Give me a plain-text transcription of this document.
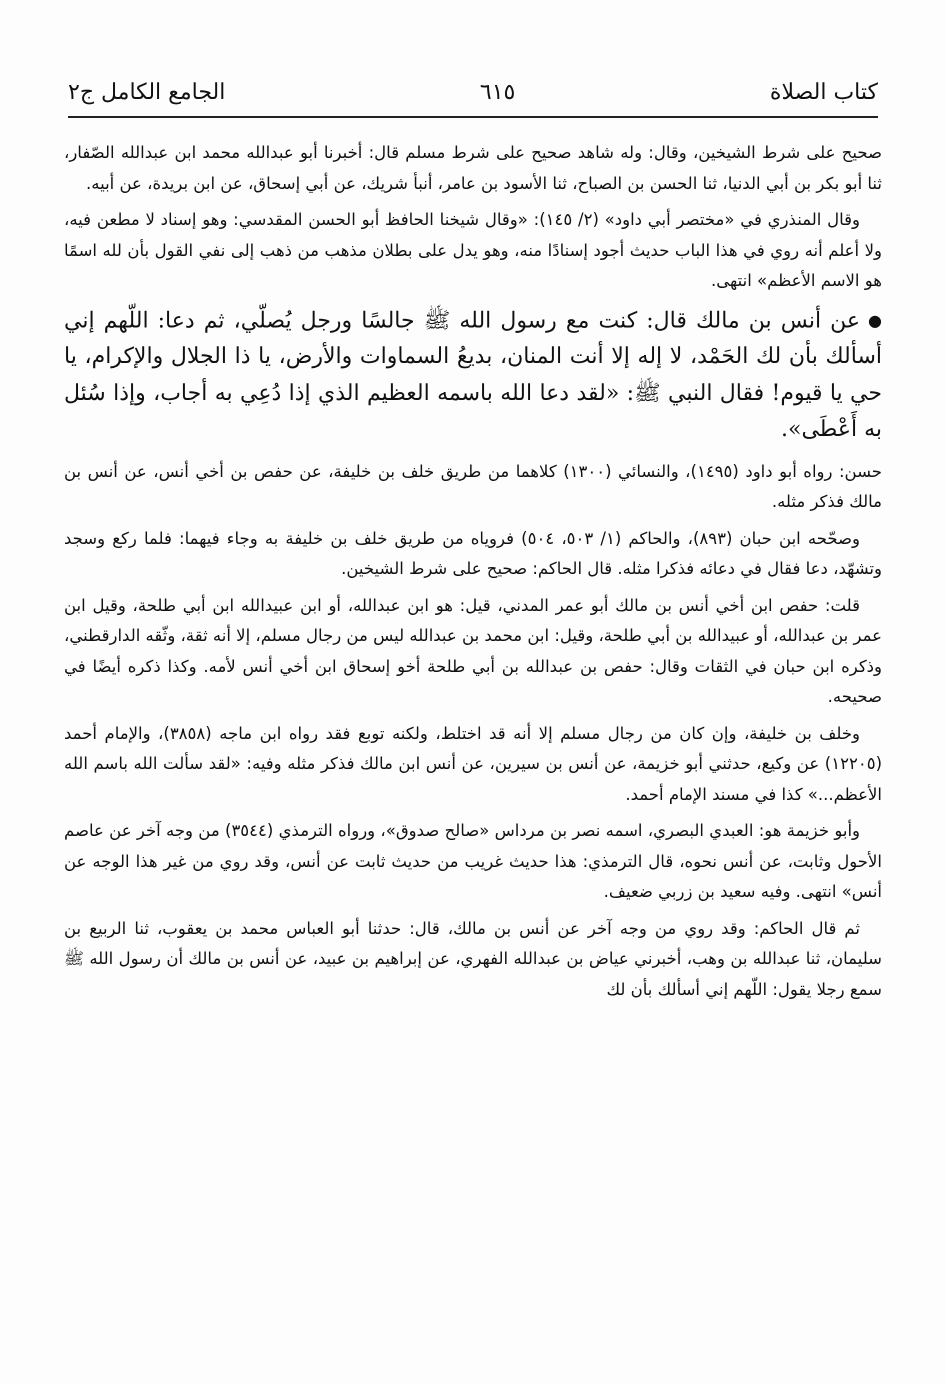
كتاب الصلاة
٦١٥
الجامع الكامل ج٢

صحيح على شرط الشيخين، وقال: وله شاهد صحيح على شرط مسلم قال: أخبرنا أبو عبدالله محمد ابن عبدالله الصّفار، ثنا أبو بكر بن أبي الدنيا، ثنا الحسن بن الصباح، ثنا الأسود بن عامر، أنبأ شريك، عن أبي إسحاق، عن ابن بريدة، عن أبيه.

وقال المنذري في «مختصر أبي داود» (٢/ ١٤٥): «وقال شيخنا الحافظ أبو الحسن المقدسي: وهو إسناد لا مطعن فيه، ولا أعلم أنه روي في هذا الباب حديث أجود إسنادًا منه، وهو يدل على بطلان مذهب من ذهب إلى نفي القول بأن لله اسمًا هو الاسم الأعظم» انتهى.

●عن أنس بن مالك قال: كنت مع رسول الله ﷺ جالسًا ورجل يُصلّي، ثم دعا: اللّهم إني أسألك بأن لك الحَمْد، لا إله إلا أنت المنان، بديعُ السماوات والأرض، يا ذا الجلال والإكرام، يا حي يا قيوم! فقال النبي ﷺ: «لقد دعا الله باسمه العظيم الذي إذا دُعِي به أجاب، وإذا سُئل به أَعْطَى».

حسن: رواه أبو داود (١٤٩٥)، والنسائي (١٣٠٠) كلاهما من طريق خلف بن خليفة، عن حفص بن أخي أنس، عن أنس بن مالك فذكر مثله.

وصحّحه ابن حبان (٨٩٣)، والحاكم (١/ ٥٠٣، ٥٠٤) فروياه من طريق خلف بن خليفة به وجاء فيهما: فلما ركع وسجد وتشهّد، دعا فقال في دعائه فذكرا مثله. قال الحاكم: صحيح على شرط الشيخين.

قلت: حفص ابن أخي أنس بن مالك أبو عمر المدني، قيل: هو ابن عبدالله، أو ابن عبيدالله ابن أبي طلحة، وقيل ابن عمر بن عبدالله، أو عبيدالله بن أبي طلحة، وقيل: ابن محمد بن عبدالله ليس من رجال مسلم، إلا أنه ثقة، وثّقه الدارقطني، وذكره ابن حبان في الثقات وقال: حفص بن عبدالله بن أبي طلحة أخو إسحاق ابن أخي أنس لأمه. وكذا ذكره أيضًا في صحيحه.

وخلف بن خليفة، وإن كان من رجال مسلم إلا أنه قد اختلط، ولكنه توبع فقد رواه ابن ماجه (٣٨٥٨)، والإمام أحمد (١٢٢٠٥) عن وكيع، حدثني أبو خزيمة، عن أنس بن سيرين، عن أنس ابن مالك فذكر مثله وفيه: «لقد سألت الله باسم الله الأعظم...» كذا في مسند الإمام أحمد.

وأبو خزيمة هو: العبدي البصري، اسمه نصر بن مرداس «صالح صدوق»، ورواه الترمذي (٣٥٤٤) من وجه آخر عن عاصم الأحول وثابت، عن أنس نحوه، قال الترمذي: هذا حديث غريب من حديث ثابت عن أنس، وقد روي من غير هذا الوجه عن أنس» انتهى. وفيه سعيد بن زربي ضعيف.

ثم قال الحاكم: وقد روي من وجه آخر عن أنس بن مالك، قال: حدثنا أبو العباس محمد بن يعقوب، ثنا الربيع بن سليمان، ثنا عبدالله بن وهب، أخبرني عياض بن عبدالله الفهري، عن إبراهيم بن عبيد، عن أنس بن مالك أن رسول الله ﷺ سمع رجلا يقول: اللّهم إني أسألك بأن لك
